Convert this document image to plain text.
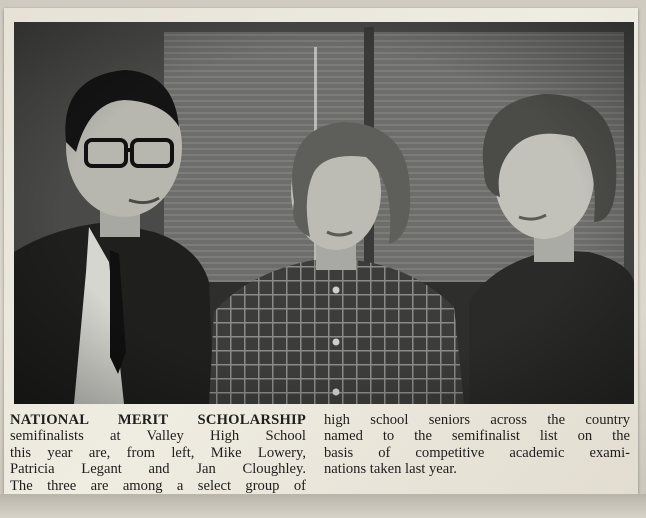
NATIONAL MERIT SCHOLARSHIP
semifinalists at Valley High School
this year are, from left, Mike Lowery,
Patricia Legant and Jan Cloughley.
The three are among a select group of
high school seniors across the country
named to the semifinalist list on the
basis of competitive academic exami-
nations taken last year.
